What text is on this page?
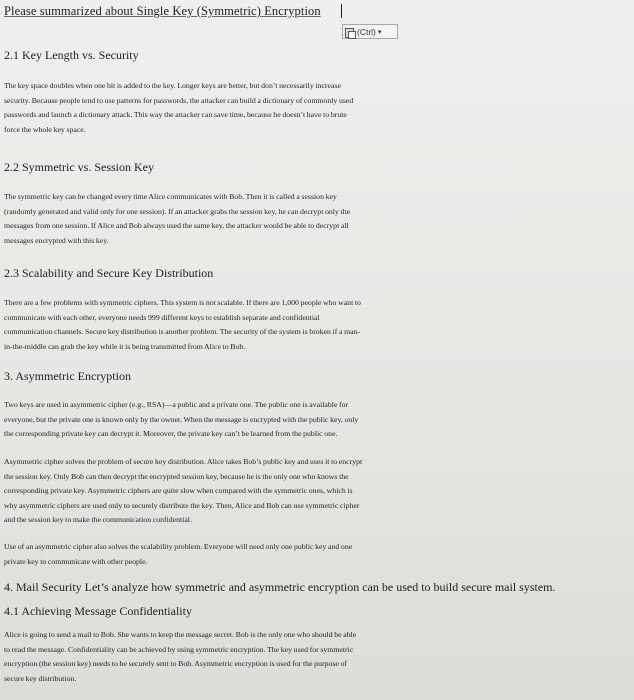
Please summarized about Single Key (Symmetric) Encryption
(Ctrl) ▾
2.1 Key Length vs. Security
The key space doubles when one bit is added to the key. Longer keys are better, but don’t necessarily increase
security. Because people tend to use patterns for passwords, the attacker can build a dictionary of commonly used
passwords and launch a dictionary attack. This way the attacker can save time, because he doesn’t have to brute
force the whole key space.
2.2 Symmetric vs. Session Key
The symmetric key can be changed every time Alice communicates with Bob. Then it is called a session key
(randomly generated and valid only for one session). If an attacker grabs the session key, he can decrypt only the
messages from one session. If Alice and Bob always used the same key, the attacker would be able to decrypt all
messages encrypted with this key.
2.3 Scalability and Secure Key Distribution
There are a few problems with symmetric ciphers. This system is not scalable. If there are 1,000 people who want to
communicate with each other, everyone needs 999 different keys to establish separate and confidential
communication channels. Secure key distribution is another problem. The security of the system is broken if a man-
in-the-middle can grab the key while it is being transmitted from Alice to Bob.
3. Asymmetric Encryption
Two keys are used in asymmetric cipher (e.g., RSA)—a public and a private one. The public one is available for
everyone, but the private one is known only by the owner. When the message is encrypted with the public key, only
the corresponding private key can decrypt it. Moreover, the private key can’t be learned from the public one.
Asymmetric cipher solves the problem of secure key distribution. Alice takes Bob’s public key and uses it to encrypt
the session key. Only Bob can then decrypt the encrypted session key, because he is the only one who knows the
corresponding private key. Asymmetric ciphers are quite slow when compared with the symmetric ones, which is
why asymmetric ciphers are used only to securely distribute the key. Then, Alice and Bob can use symmetric cipher
and the session key to make the communication confidential.
Use of an asymmetric cipher also solves the scalability problem. Everyone will need only one public key and one
private key to communicate with other people.
4. Mail Security Let’s analyze how symmetric and asymmetric encryption can be used to build secure mail system.
4.1 Achieving Message Confidentiality
Alice is going to send a mail to Bob. She wants to keep the message secret. Bob is the only one who should be able
to read the message. Confidentiality can be achieved by using symmetric encryption. The key used for symmetric
encryption (the session key) needs to be securely sent to Bob. Asymmetric encryption is used for the purpose of
secure key distribution.
